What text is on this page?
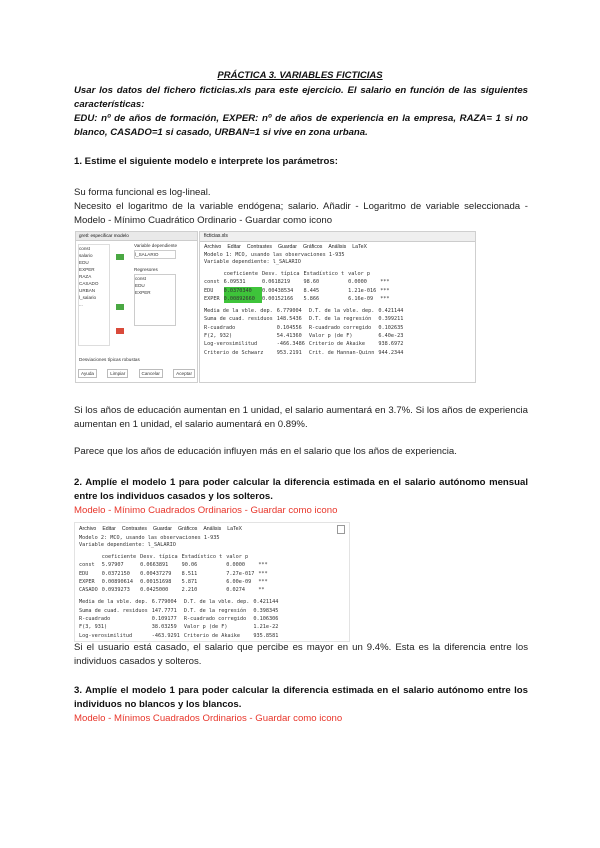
PRÁCTICA 3. VARIABLES FICTICIAS
Usar los datos del fichero ficticias.xls para este ejercicio. El salario en función de las siguientes características:
EDU: nº de años de formación, EXPER: nº de años de experiencia en la empresa, RAZA= 1 si no blanco, CASADO=1 si casado, URBAN=1 si vive en zona urbana.
1. Estime el siguiente modelo e interprete los parámetros:
Su forma funcional es log-lineal.
Necesito el logaritmo de la variable endógena; salario. Añadir - Logaritmo de variable seleccionada - Modelo - Mínimo Cuadrático Ordinario - Guardar como icono
gretl: especificar modelo
const
salario
EDU
EXPER
RAZA
CASADO
URBAN
l_salario
...
Variable dependiente
l_SALARIO
Regresores
const
EDU
EXPER
Desviaciones típicas robustas
Ayuda	Limpiar	Cancelar	Aceptar
ficticias.xls
Archivo Editar Contrastes Guardar Gráficos Análisis LaTeX
Modelo 1: MCO, usando las observaciones 1-935
Variable dependiente: l_SALARIO
	coeficiente	Desv. típica	Estadístico t	valor p	
const	6.09531	0.0618219	98.60	0.0000	***
EDU	0.0370340	0.00438534	8.445	1.21e-016	***
EXPER	0.00892660	0.00152166	5.866	6.16e-09	***
Media de la vble. dep.	6.779004	D.T. de la vble. dep.	0.421144
Suma de cuad. residuos	148.5436	D.T. de la regresión	0.399211
R-cuadrado	0.104556	R-cuadrado corregido	0.102635
F(2, 932)	54.41360	Valor p (de F)	6.40e-23
Log-verosimilitud	-466.3486	Criterio de Akaike	938.6972
Criterio de Schwarz	953.2191	Crit. de Hannan-Quinn	944.2344
Si los años de educación aumentan en 1 unidad, el salario aumentará en 3.7%. Si los años de experiencia aumentan en 1 unidad, el salario aumentará en 0.89%.
Parece que los años de educación influyen más en el salario que los años de experiencia.
2. Amplíe el modelo 1 para poder calcular la diferencia estimada en el salario autónomo mensual entre los individuos casados y los solteros.
Modelo - Mínimo Cuadrados Ordinarios - Guardar como icono
Archivo Editar Contrastes Guardar Gráficos Análisis LaTeX
Modelo 2: MCO, usando las observaciones 1-935
Variable dependiente: l_SALARIO
	coeficiente	Desv. típica	Estadístico t	valor p	
const	5.97907	0.0663891	90.06	0.0000	***
EDU	0.0372150	0.00437279	8.511	7.27e-017	***
EXPER	0.00890614	0.00151698	5.871	6.00e-09	***
CASADO	0.0939273	0.0425000	2.210	0.0274	**
Media de la vble. dep.	6.779004	D.T. de la vble. dep.	0.421144
Suma de cuad. residuos	147.7771	D.T. de la regresión	0.398345
R-cuadrado	0.109177	R-cuadrado corregido	0.106306
F(3, 931)	38.03259	Valor p (de F)	1.21e-22
Log-verosimilitud	-463.9291	Criterio de Akaike	935.8581

Si el usuario está casado, el salario que percibe es mayor en un 9.4%. Esta es la diferencia entre los individuos casados y solteros.
3. Amplíe el modelo 1 para poder calcular la diferencia estimada en el salario autónomo entre los individuos no blancos y los blancos.
Modelo - Mínimos Cuadrados Ordinarios - Guardar como icono
